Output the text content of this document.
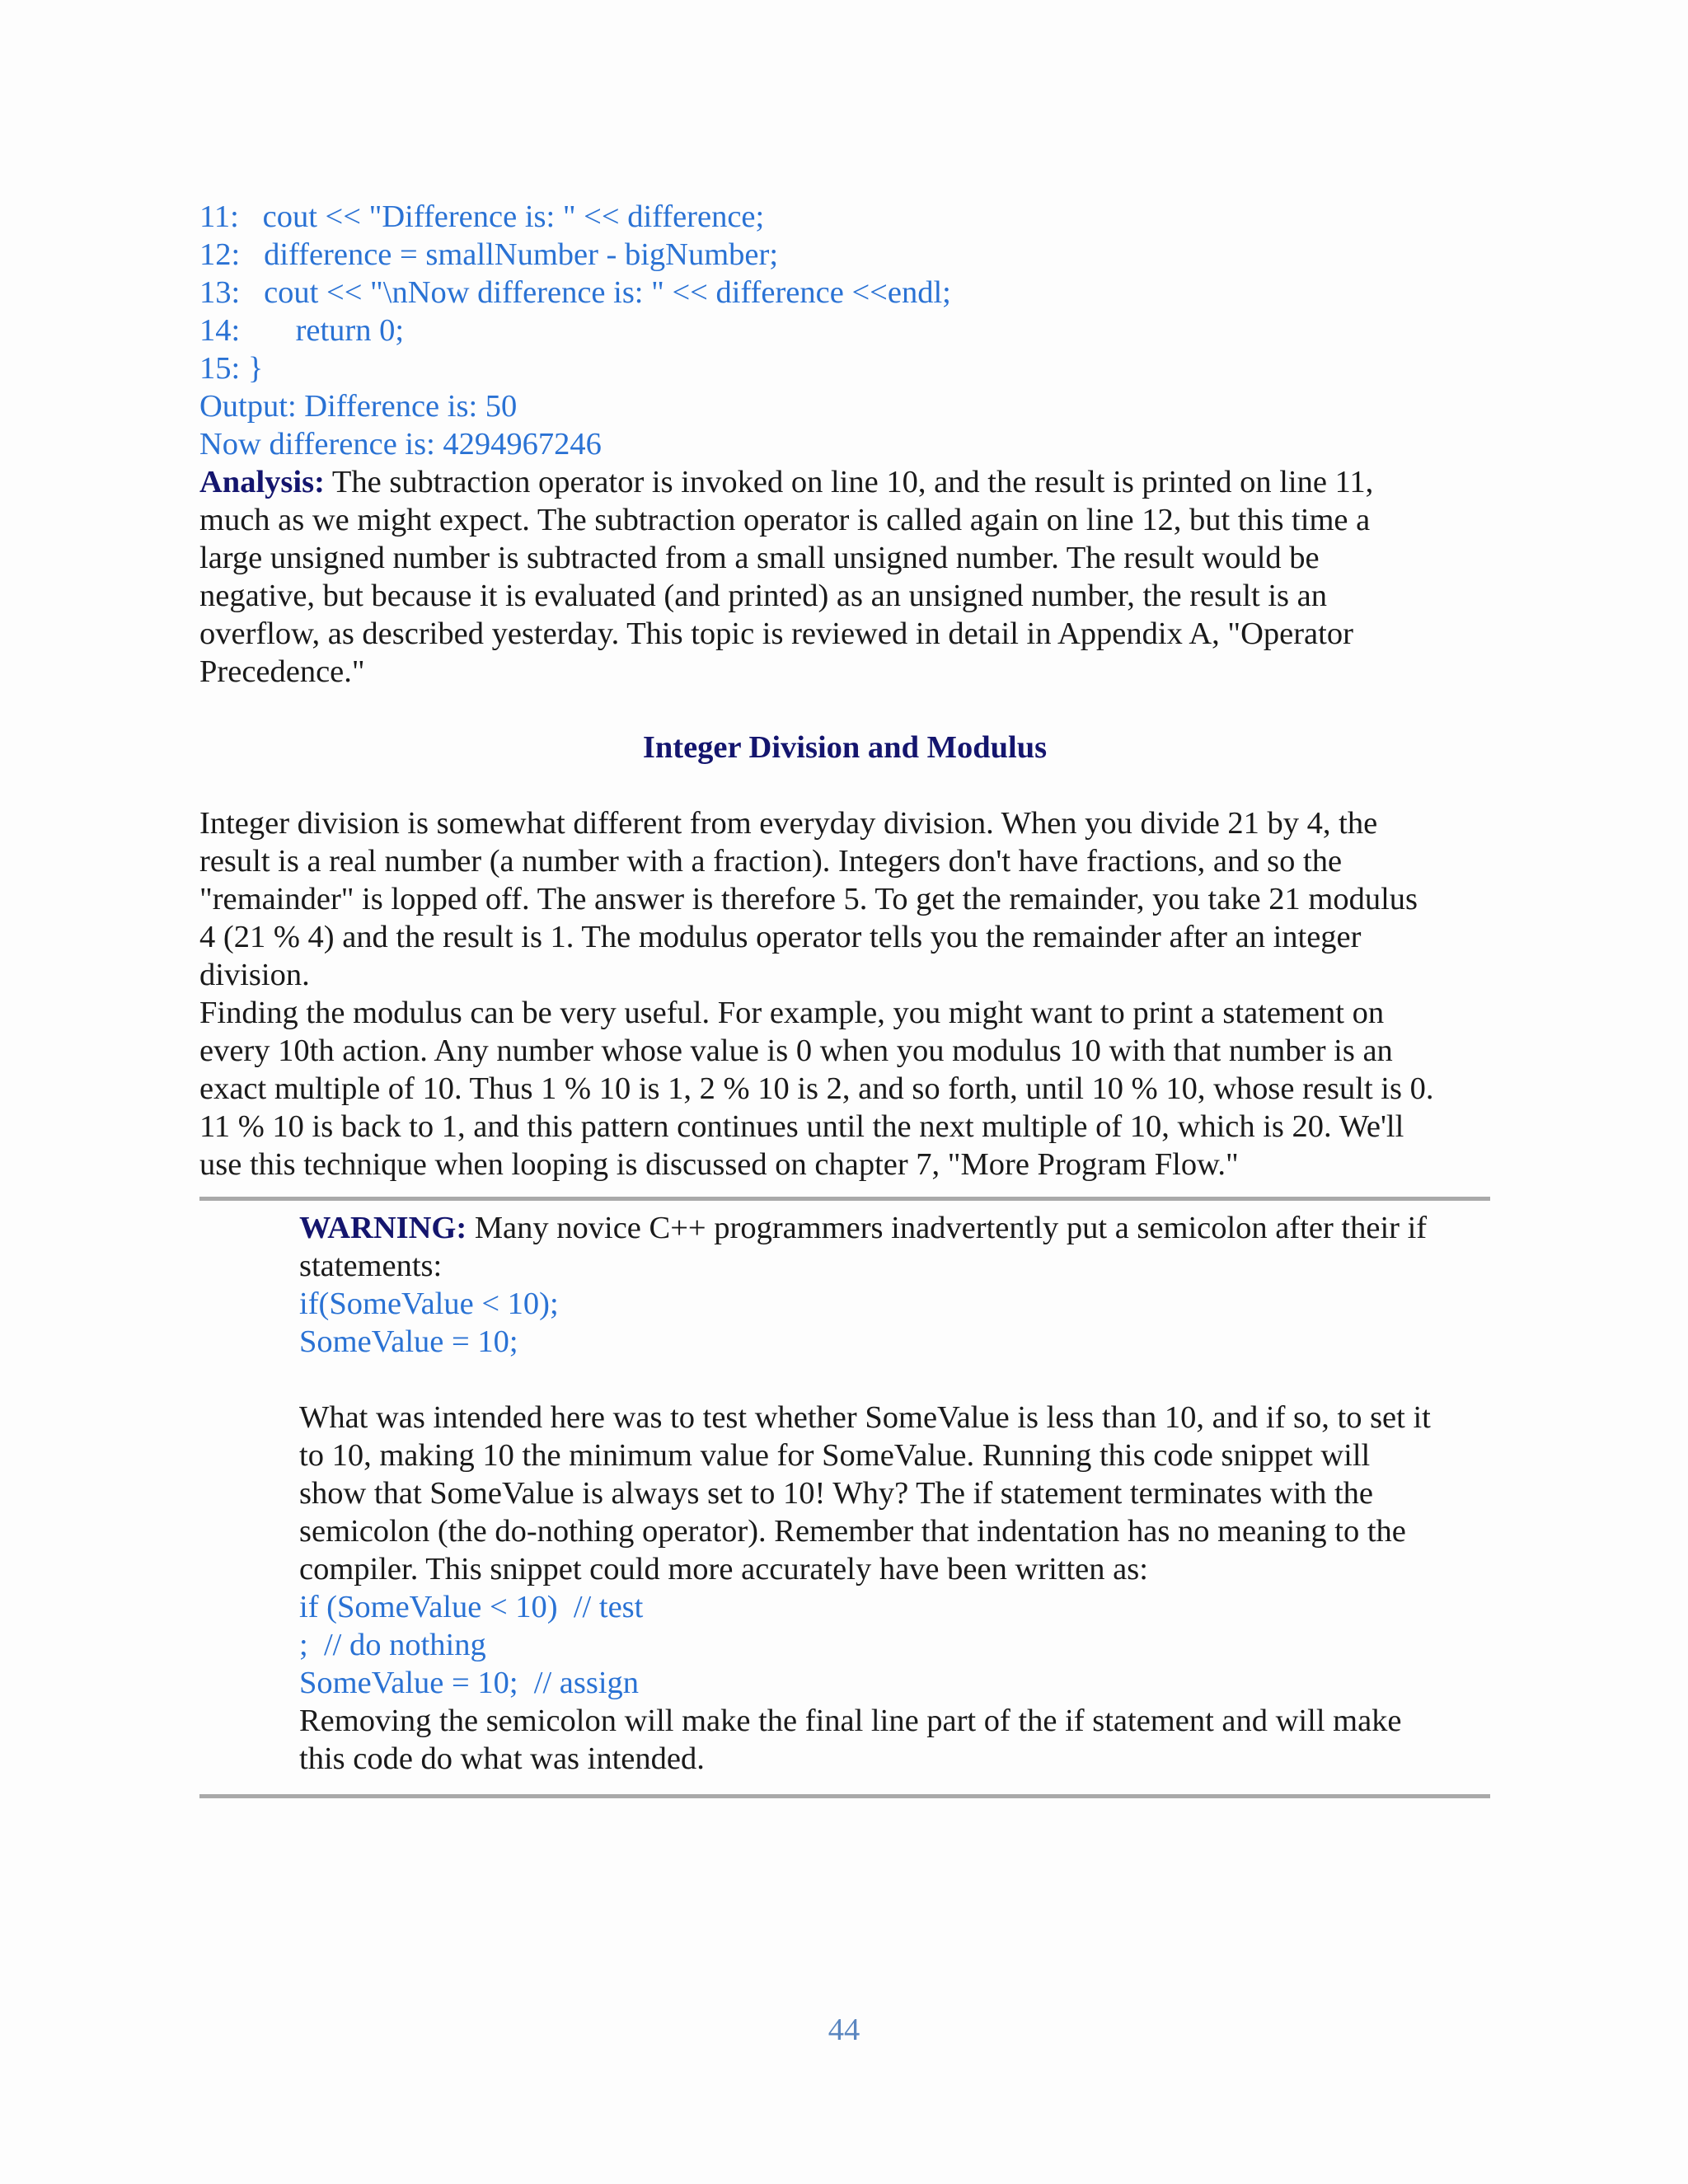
11:   cout << "Difference is: " << difference;
12:   difference = smallNumber - bigNumber;
13:   cout << "\nNow difference is: " << difference <<endl;
14:       return 0;
15: }
Output: Difference is: 50
Now difference is: 4294967246
Analysis: The subtraction operator is invoked on line 10, and the result is printed on line 11,
much as we might expect. The subtraction operator is called again on line 12, but this time a
large unsigned number is subtracted from a small unsigned number. The result would be
negative, but because it is evaluated (and printed) as an unsigned number, the result is an
overflow, as described yesterday. This topic is reviewed in detail in Appendix A, "Operator
Precedence."
Integer Division and Modulus
Integer division is somewhat different from everyday division. When you divide 21 by 4, the
result is a real number (a number with a fraction). Integers don't have fractions, and so the
"remainder" is lopped off. The answer is therefore 5. To get the remainder, you take 21 modulus
4 (21 % 4) and the result is 1. The modulus operator tells you the remainder after an integer
division.
Finding the modulus can be very useful. For example, you might want to print a statement on
every 10th action. Any number whose value is 0 when you modulus 10 with that number is an
exact multiple of 10. Thus 1 % 10 is 1, 2 % 10 is 2, and so forth, until 10 % 10, whose result is 0.
11 % 10 is back to 1, and this pattern continues until the next multiple of 10, which is 20. We'll
use this technique when looping is discussed on chapter 7, "More Program Flow."
WARNING: Many novice C++ programmers inadvertently put a semicolon after their if
statements:
if(SomeValue < 10);
SomeValue = 10;
What was intended here was to test whether SomeValue is less than 10, and if so, to set it
to 10, making 10 the minimum value for SomeValue. Running this code snippet will
show that SomeValue is always set to 10! Why? The if statement terminates with the
semicolon (the do-nothing operator). Remember that indentation has no meaning to the
compiler. This snippet could more accurately have been written as:
if (SomeValue < 10)  // test
;  // do nothing
SomeValue = 10;  // assign
Removing the semicolon will make the final line part of the if statement and will make
this code do what was intended.
44
